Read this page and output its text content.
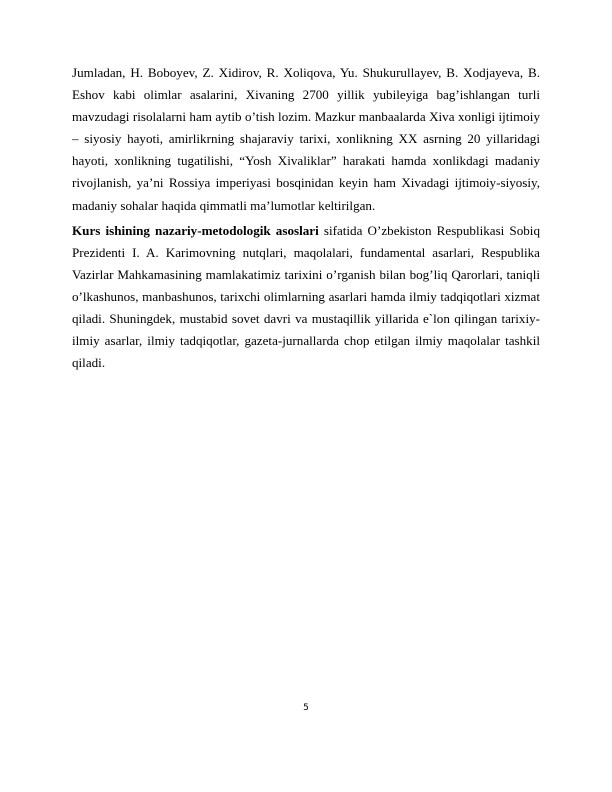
Jumladan, H. Boboyev, Z. Xidirov, R. Xoliqova, Yu. Shukurullayev, B. Xodjayeva, B. Eshov kabi olimlar asalarini, Xivaning 2700 yillik yubileyiga bag’ishlangan turli mavzudagi risolalarni ham aytib o’tish lozim. Mazkur manbaalarda Xiva xonligi ijtimoiy – siyosiy hayoti, amirlikrning shajaraviy tarixi, xonlikning XX asrning 20 yillaridagi hayoti, xonlikning tugatilishi, “Yosh Xivaliklar” harakati hamda xonlikdagi madaniy rivojlanish, ya’ni Rossiya imperiyasi bosqinidan keyin ham Xivadagi ijtimoiy-siyosiy, madaniy sohalar haqida qimmatli ma’lumotlar keltirilgan.

Kurs ishining nazariy-metodologik asoslari sifatida O’zbekiston Respublikasi Sobiq Prezidenti I. A. Karimovning nutqlari, maqolalari, fundamental asarlari, Respublika Vazirlar Mahkamasining mamlakatimiz tarixini o’rganish bilan bog’liq Qarorlari, taniqli o’lkashunos, manbashunos, tarixchi olimlarning asarlari hamda ilmiy tadqiqotlari xizmat qiladi. Shuningdek, mustabid sovet davri va mustaqillik yillarida e`lon qilingan tarixiy-ilmiy asarlar, ilmiy tadqiqotlar, gazeta-jurnallarda chop etilgan ilmiy maqolalar tashkil qiladi.

5
